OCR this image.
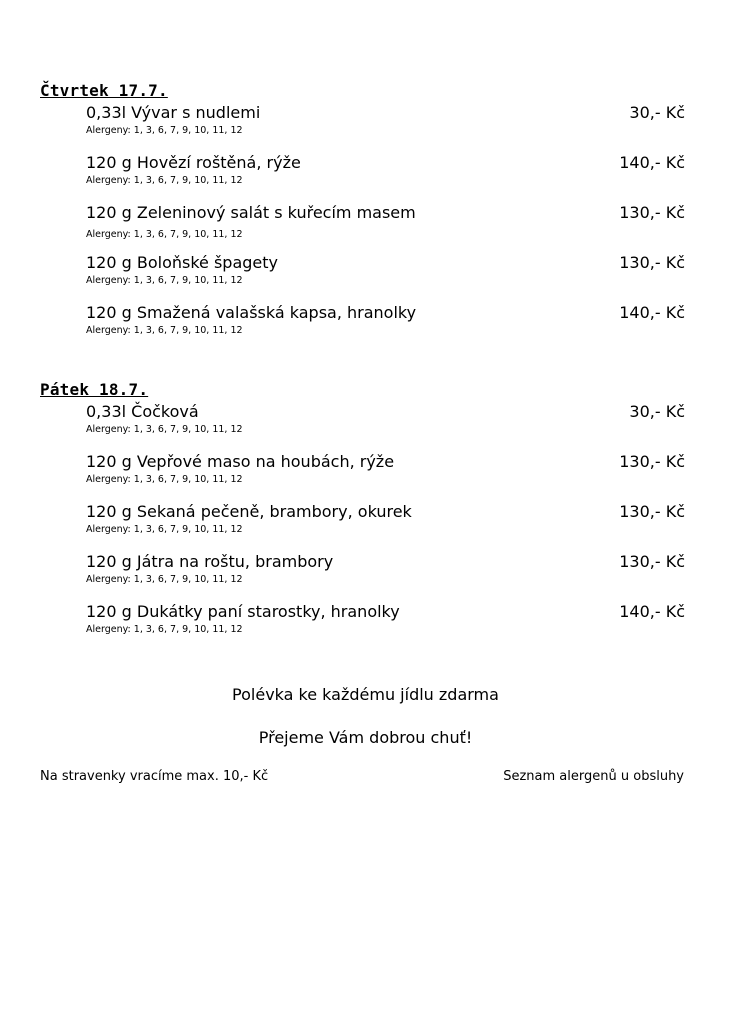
Čtvrtek 17.7.
0,33l Vývar s nudlemi	30,- Kč
Alergeny: 1, 3, 6, 7, 9, 10, 11, 12
120 g Hovězí roštěná, rýže	140,- Kč
Alergeny: 1, 3, 6, 7, 9, 10, 11, 12
120 g Zeleninový salát s kuřecím masem	130,- Kč
Alergeny: 1, 3, 6, 7, 9, 10, 11, 12
120 g Boloňské špagety	130,- Kč
Alergeny: 1, 3, 6, 7, 9, 10, 11, 12
120 g Smažená valašská kapsa, hranolky	140,- Kč
Alergeny: 1, 3, 6, 7, 9, 10, 11, 12
Pátek 18.7.
0,33l Čočková	30,- Kč
Alergeny: 1, 3, 6, 7, 9, 10, 11, 12
120 g Vepřové maso na houbách, rýže	130,- Kč
Alergeny: 1, 3, 6, 7, 9, 10, 11, 12
120 g Sekaná pečeně, brambory, okurek	130,- Kč
Alergeny: 1, 3, 6, 7, 9, 10, 11, 12
120 g Játra na roštu, brambory	130,- Kč
Alergeny: 1, 3, 6, 7, 9, 10, 11, 12
120 g Dukátky paní starostky, hranolky	140,- Kč
Alergeny: 1, 3, 6, 7, 9, 10, 11, 12
Polévka ke každému jídlu zdarma
Přejeme Vám dobrou chuť!
Na stravenky vracíme max. 10,- Kč	Seznam alergenů u obsluhy
